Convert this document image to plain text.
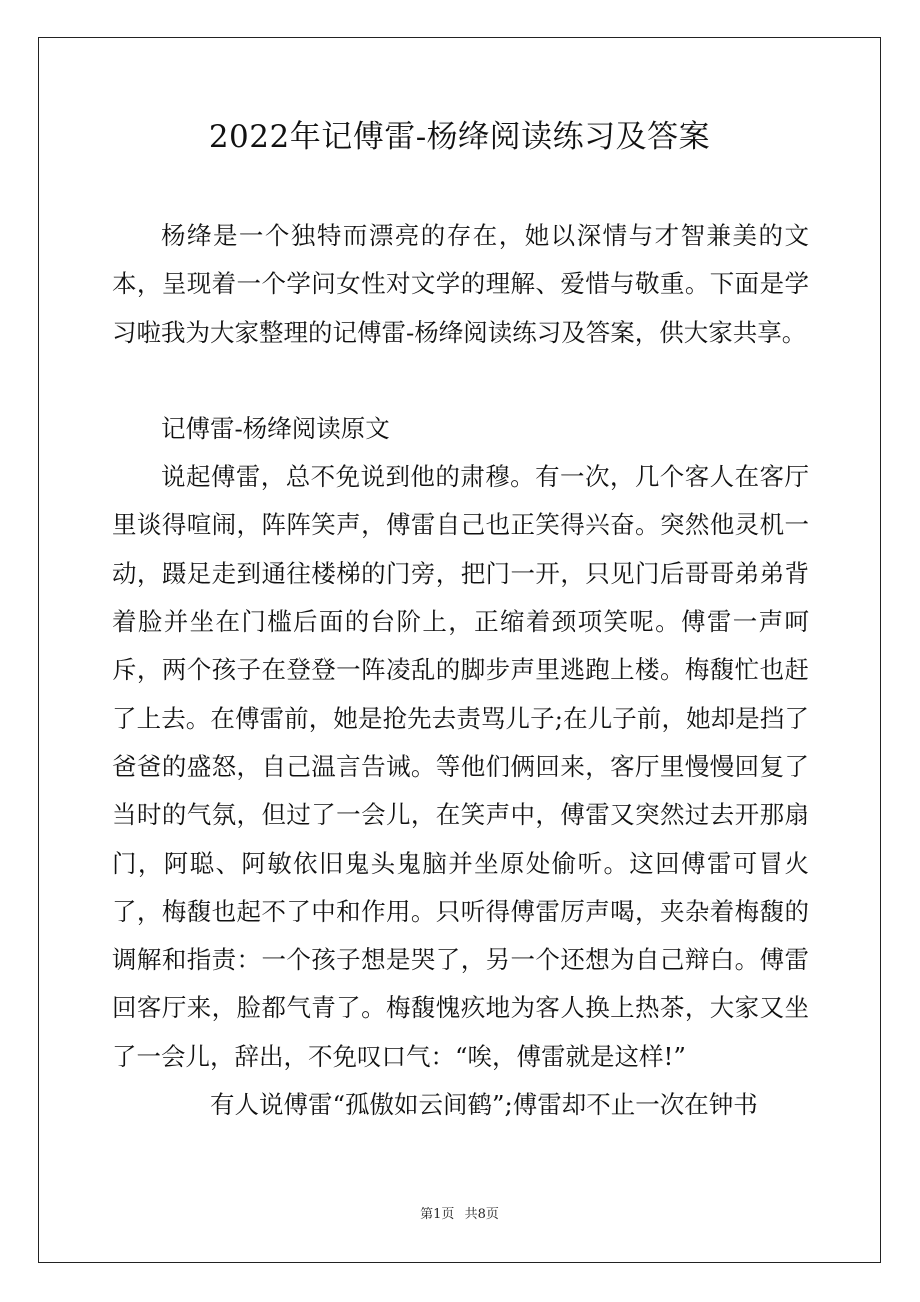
2022年记傅雷-杨绛阅读练习及答案

杨绛是一个独特而漂亮的存在，她以深情与才智兼美的文本，呈现着一个学问女性对文学的理解、爱惜与敬重。下面是学习啦我为大家整理的记傅雷-杨绛阅读练习及答案，供大家共享。

记傅雷-杨绛阅读原文

说起傅雷，总不免说到他的肃穆。有一次，几个客人在客厅里谈得喧闹，阵阵笑声，傅雷自己也正笑得兴奋。突然他灵机一动，蹑足走到通往楼梯的门旁，把门一开，只见门后哥哥弟弟背着脸并坐在门槛后面的台阶上，正缩着颈项笑呢。傅雷一声呵斥，两个孩子在登登一阵凌乱的脚步声里逃跑上楼。梅馥忙也赶了上去。在傅雷前，她是抢先去责骂儿子;在儿子前，她却是挡了爸爸的盛怒，自己温言告诫。等他们俩回来，客厅里慢慢回复了当时的气氛，但过了一会儿，在笑声中，傅雷又突然过去开那扇门，阿聪、阿敏依旧鬼头鬼脑并坐原处偷听。这回傅雷可冒火了，梅馥也起不了中和作用。只听得傅雷厉声喝，夹杂着梅馥的调解和指责：一个孩子想是哭了，另一个还想为自己辩白。傅雷回客厅来，脸都气青了。梅馥愧疚地为客人换上热茶，大家又坐了一会儿，辞出，不免叹口气：“唉，傅雷就是这样!”

有人说傅雷“孤傲如云间鹤”;傅雷却不止一次在钟书

第1页 共8页
